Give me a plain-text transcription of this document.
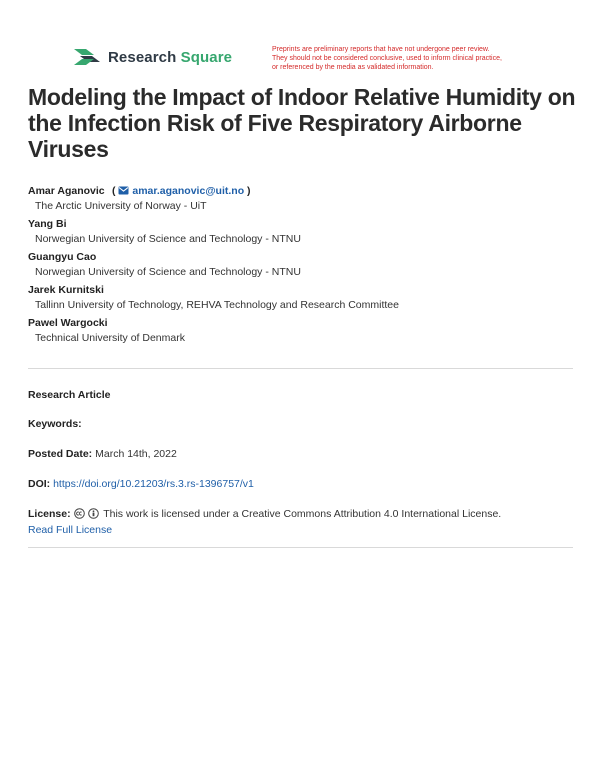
Research Square	Preprints are preliminary reports that have not undergone peer review.
They should not be considered conclusive, used to inform clinical practice,
or referenced by the media as validated information.
Modeling the Impact of Indoor Relative Humidity on the Infection Risk of Five Respiratory Airborne Viruses
Amar Aganovic  (  amar.aganovic@uit.no )
The Arctic University of Norway - UiT
Yang Bi
Norwegian University of Science and Technology - NTNU
Guangyu Cao
Norwegian University of Science and Technology - NTNU
Jarek Kurnitski
Tallinn University of Technology, REHVA Technology and Research Committee
Pawel Wargocki
Technical University of Denmark
Research Article
Keywords:
Posted Date: March 14th, 2022
DOI: https://doi.org/10.21203/rs.3.rs-1396757/v1
License:	This work is licensed under a Creative Commons Attribution 4.0 International License.
Read Full License
